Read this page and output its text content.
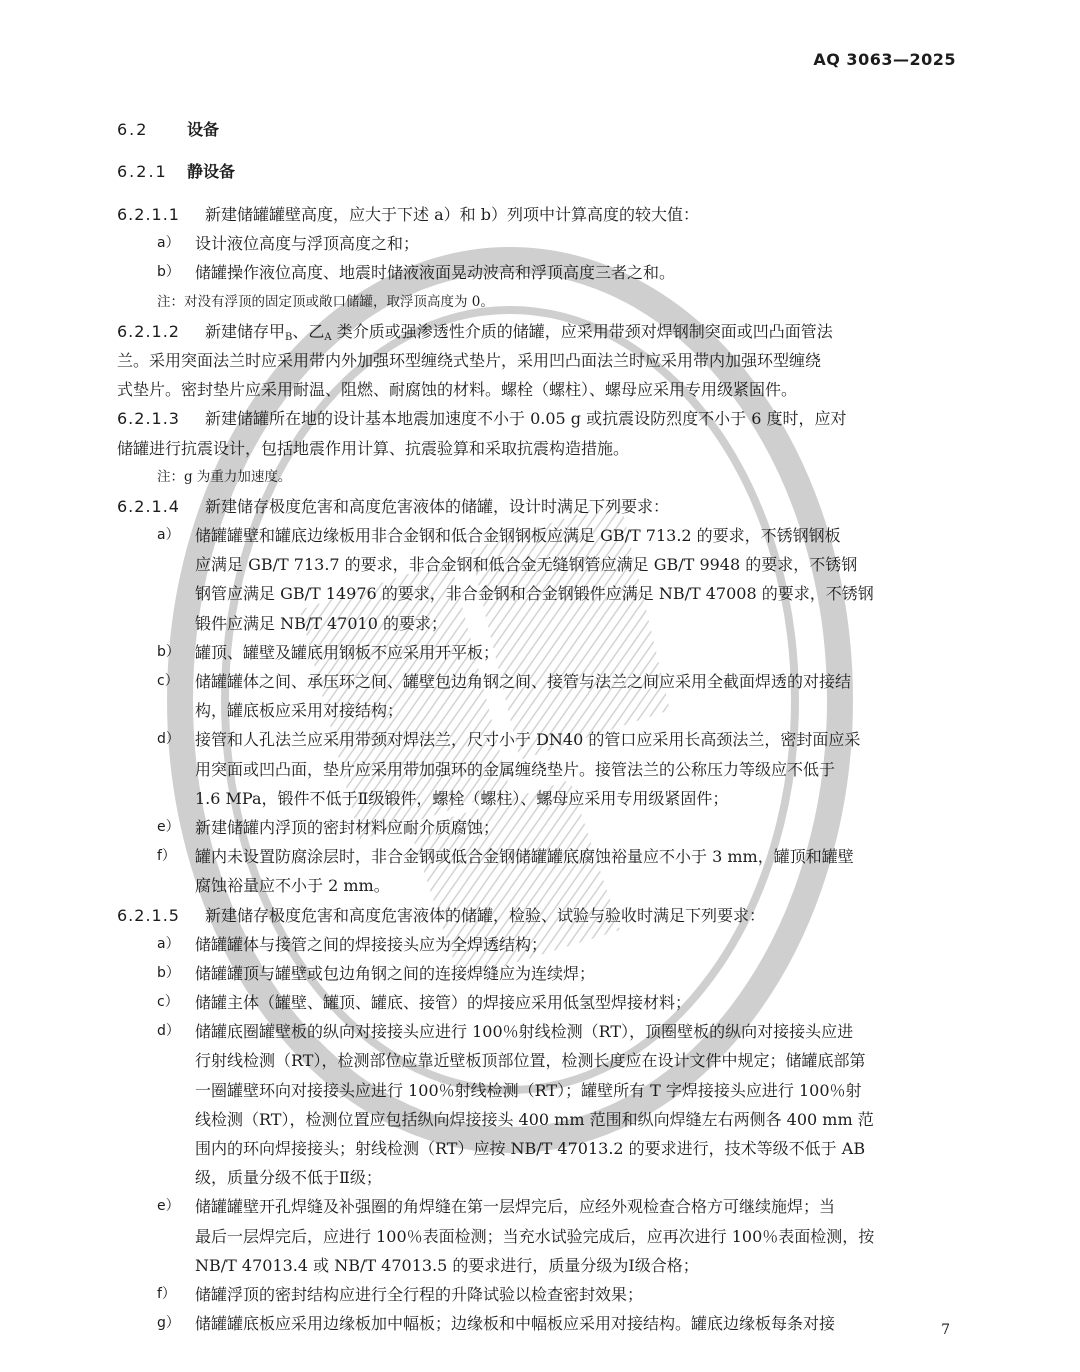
AQ 3063—2025
6.2 设备
6.2.1 静设备
6.2.1.1 新建储罐罐壁高度，应大于下述 a）和 b）列项中计算高度的较大值：
a） 设计液位高度与浮顶高度之和；
b） 储罐操作液位高度、地震时储液液面晃动波高和浮顶高度三者之和。
注：对没有浮顶的固定顶或敞口储罐，取浮顶高度为 0。
6.2.1.2 新建储存甲$_B$、乙$_A$ 类介质或强渗透性介质的储罐，应采用带颈对焊钢制突面或凹凸面管法
兰。采用突面法兰时应采用带内外加强环型缠绕式垫片，采用凹凸面法兰时应采用带内加强环型缠绕
式垫片。密封垫片应采用耐温、阻燃、耐腐蚀的材料。螺栓（螺柱）、螺母应采用专用级紧固件。
6.2.1.3 新建储罐所在地的设计基本地震加速度不小于 0.05 g 或抗震设防烈度不小于 6 度时，应对
储罐进行抗震设计，包括地震作用计算、抗震验算和采取抗震构造措施。
注：g 为重力加速度。
6.2.1.4 新建储存极度危害和高度危害液体的储罐，设计时满足下列要求：
a） 储罐罐壁和罐底边缘板用非合金钢和低合金钢钢板应满足 GB/T 713.2 的要求，不锈钢钢板
应满足 GB/T 713.7 的要求，非合金钢和低合金无缝钢管应满足 GB/T 9948 的要求，不锈钢
钢管应满足 GB/T 14976 的要求，非合金钢和合金钢锻件应满足 NB/T 47008 的要求，不锈钢
锻件应满足 NB/T 47010 的要求；
b） 罐顶、罐壁及罐底用钢板不应采用开平板；
c） 储罐罐体之间、承压环之间、罐壁包边角钢之间、接管与法兰之间应采用全截面焊透的对接结
构，罐底板应采用对接结构；
d） 接管和人孔法兰应采用带颈对焊法兰，尺寸小于 DN40 的管口应采用长高颈法兰，密封面应采
用突面或凹凸面，垫片应采用带加强环的金属缠绕垫片。接管法兰的公称压力等级应不低于
1.6 MPa，锻件不低于Ⅱ级锻件，螺栓（螺柱）、螺母应采用专用级紧固件；
e） 新建储罐内浮顶的密封材料应耐介质腐蚀；
f） 罐内未设置防腐涂层时，非合金钢或低合金钢储罐罐底腐蚀裕量应不小于 3 mm，罐顶和罐壁
腐蚀裕量应不小于 2 mm。
6.2.1.5 新建储存极度危害和高度危害液体的储罐，检验、试验与验收时满足下列要求：
a） 储罐罐体与接管之间的焊接接头应为全焊透结构；
b） 储罐罐顶与罐壁或包边角钢之间的连接焊缝应为连续焊；
c） 储罐主体（罐壁、罐顶、罐底、接管）的焊接应采用低氢型焊接材料；
d） 储罐底圈罐壁板的纵向对接接头应进行 100％射线检测（RT），顶圈壁板的纵向对接接头应进
行射线检测（RT），检测部位应靠近壁板顶部位置，检测长度应在设计文件中规定；储罐底部第
一圈罐壁环向对接接头应进行 100％射线检测（RT）；罐壁所有 T 字焊接接头应进行 100％射
线检测（RT），检测位置应包括纵向焊接接头 400 mm 范围和纵向焊缝左右两侧各 400 mm 范
围内的环向焊接接头；射线检测（RT）应按 NB/T 47013.2 的要求进行，技术等级不低于 AB
级，质量分级不低于Ⅱ级；
e） 储罐罐壁开孔焊缝及补强圈的角焊缝在第一层焊完后，应经外观检查合格方可继续施焊；当
最后一层焊完后，应进行 100％表面检测；当充水试验完成后，应再次进行 100％表面检测，按
NB/T 47013.4 或 NB/T 47013.5 的要求进行，质量分级为Ⅰ级合格；
f） 储罐浮顶的密封结构应进行全行程的升降试验以检查密封效果；
g） 储罐罐底板应采用边缘板加中幅板；边缘板和中幅板应采用对接结构。罐底边缘板每条对接	7
